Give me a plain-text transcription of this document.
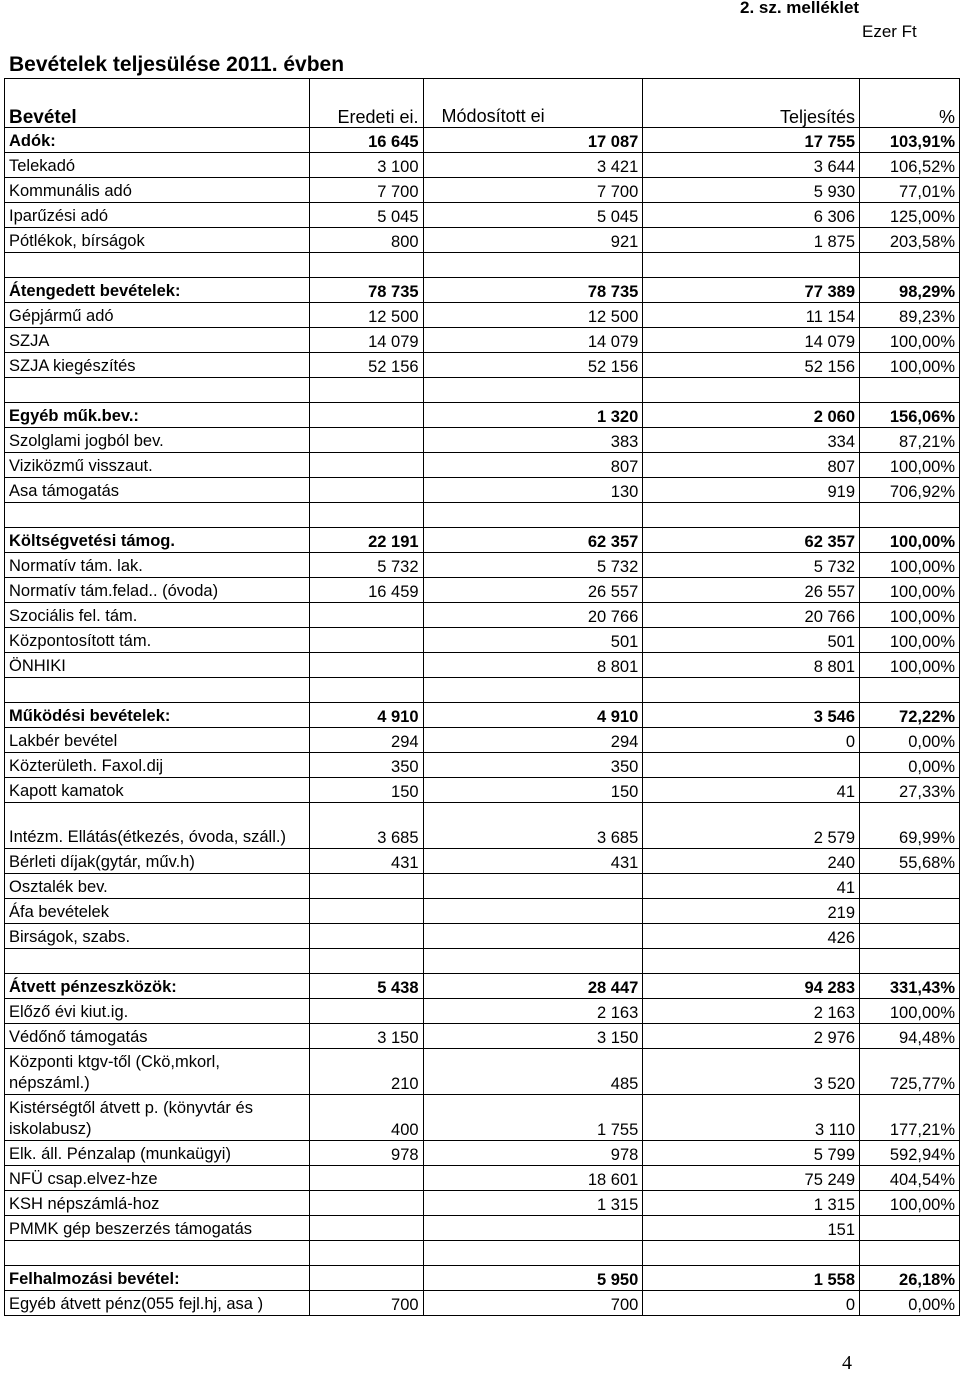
2. sz. melléklet
Ezer Ft
Bevételek teljesülése 2011. évben
Bevétel	Eredeti ei.	Módosított ei	Teljesítés	%
Adók:	16 645	17 087	17 755	103,91%
Telekadó	3 100	3 421	3 644	106,52%
Kommunális adó	7 700	7 700	5 930	77,01%
Iparűzési adó	5 045	5 045	6 306	125,00%
Pótlékok, bírságok	800	921	1 875	203,58%

Átengedett bevételek:	78 735	78 735	77 389	98,29%
Gépjármű adó	12 500	12 500	11 154	89,23%
SZJA	14 079	14 079	14 079	100,00%
SZJA kiegészítés	52 156	52 156	52 156	100,00%

Egyéb műk.bev.:		1 320	2 060	156,06%
Szolglami jogból bev.		383	334	87,21%
Viziközmű visszaut.		807	807	100,00%
Asa támogatás		130	919	706,92%

Költségvetési támog.	22 191	62 357	62 357	100,00%
Normatív tám. lak.	5 732	5 732	5 732	100,00%
Normatív tám.felad.. (óvoda)	16 459	26 557	26 557	100,00%
Szociális fel. tám.		20 766	20 766	100,00%
Központosított tám.		501	501	100,00%
ÖNHIKI		8 801	8 801	100,00%

Működési bevételek:	4 910	4 910	3 546	72,22%
Lakbér bevétel	294	294	0	0,00%
Közterületh. Faxol.dij	350	350		0,00%
Kapott kamatok	150	150	41	27,33%
Intézm. Ellátás(étkezés, óvoda, száll.)	3 685	3 685	2 579	69,99%
Bérleti díjak(gytár, műv.h)	431	431	240	55,68%
Osztalék bev.			41	
Áfa bevételek			219	
Birságok, szabs.			426	

Átvett pénzeszközök:	5 438	28 447	94 283	331,43%
Előző évi kiut.ig.		2 163	2 163	100,00%
Védőnő támogatás	3 150	3 150	2 976	94,48%
Központi ktgv-től (Ckö,mkorl, népszáml.)	210	485	3 520	725,77%
Kistérségtől átvett p. (könyvtár és iskolabusz)	400	1 755	3 110	177,21%
Elk. áll. Pénzalap (munkaügyi)	978	978	5 799	592,94%
NFÜ csap.elvez-hze		18 601	75 249	404,54%
KSH népszámlá-hoz		1 315	1 315	100,00%
PMMK gép beszerzés támogatás			151	

Felhalmozási bevétel:		5 950	1 558	26,18%
Egyéb átvett pénz(055 fejl.hj, asa )	700	700	0	0,00%
4
